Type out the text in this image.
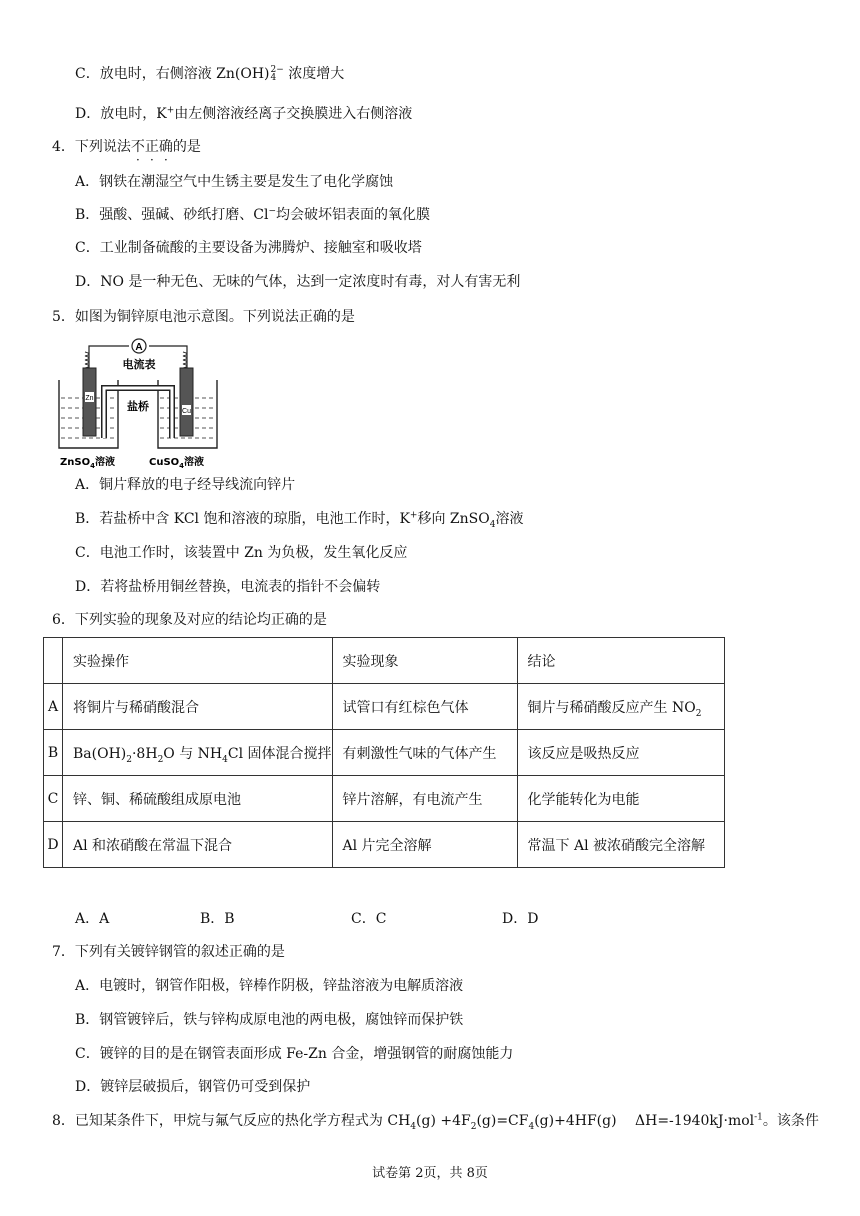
C．放电时，右侧溶液 Zn(OH) 2−
4 浓度增大
D．放电时，K+由左侧溶液经离子交换膜进入右侧溶液
4．下列说法不正确的是
A．钢铁在潮湿空气中生锈主要是发生了电化学腐蚀
B．强酸、强碱、砂纸打磨、Cl−均会破坏铝表面的氧化膜
C．工业制备硫酸的主要设备为沸腾炉、接触室和吸收塔
D．NO 是一种无色、无味的气体，达到一定浓度时有毒，对人有害无利
5．如图为铜锌原电池示意图。下列说法正确的是
A
电流表
盐桥
Zn
Cu
ZnSO$_4$溶液	CuSO$_4$溶液
A．铜片释放的电子经导线流向锌片
B．若盐桥中含 KCl 饱和溶液的琼脂，电池工作时，K+移向 ZnSO$_4$溶液
C．电池工作时，该装置中 Zn 为负极，发生氧化反应
D．若将盐桥用铜丝替换，电流表的指针不会偏转
6．下列实验的现象及对应的结论均正确的是
	实验操作	实验现象	结论
A	将铜片与稀硝酸混合	试管口有红棕色气体	铜片与稀硝酸反应产生 $NO_2$
B	$Ba(OH)_2\cdot 8H_2O$ 与 $NH_4Cl$ 固体混合搅拌	有刺激性气味的气体产生	该反应是吸热反应
C	锌、铜、稀硫酸组成原电池	锌片溶解，有电流产生	化学能转化为电能
D	Al 和浓硝酸在常温下混合	Al 片完全溶解	常温下 Al 被浓硝酸完全溶解
A．A	B．B	C．C	D．D
7．下列有关镀锌钢管的叙述正确的是
A．电镀时，钢管作阳极，锌棒作阴极，锌盐溶液为电解质溶液
B．钢管镀锌后，铁与锌构成原电池的两电极，腐蚀锌而保护铁
C．镀锌的目的是在钢管表面形成 Fe-Zn 合金，增强钢管的耐腐蚀能力
D．镀锌层破损后，钢管仍可受到保护
8．已知某条件下，甲烷与氟气反应的热化学方程式为 $CH_4(g) +4F_2(g)=CF_4(g)+4HF(g)$　 ΔH=-1940kJ·mol$^{-1}$。该条件
试卷第 2页，共 8页
